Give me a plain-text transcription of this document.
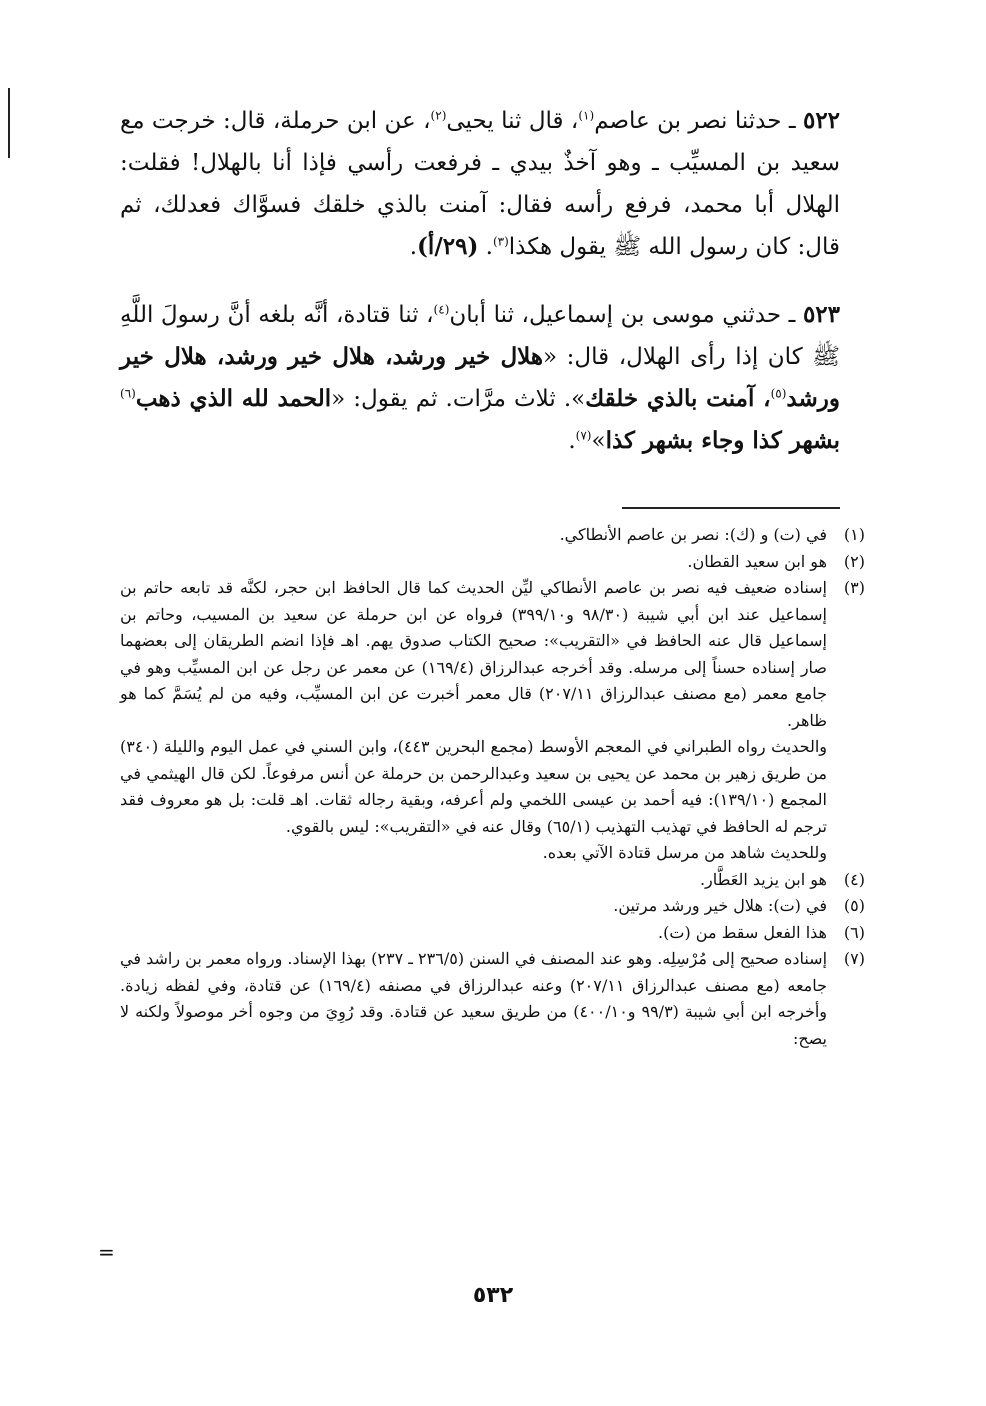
٥٢٢ ـ حدثنا نصر بن عاصم$^{(١)}$، قال ثنا يحيى$^{(٢)}$، عن ابن حرملة، قال: خرجت مع سعيد بن المسيِّب ـ وهو آخذٌ بيدي ـ فرفعت رأسي فإذا أنا بالهلال! فقلت: الهلال أبا محمد، فرفع رأسه فقال: آمنت بالذي خلقك فسوَّاك فعدلك، ثم قال: كان رسول الله ﷺ يقول هكذا$^{(٣)}$. (٢٩/أ).

٥٢٣ ـ حدثني موسى بن إسماعيل، ثنا أبان$^{(٤)}$، ثنا قتادة، أنَّه بلغه أنَّ رسولَ اللَّهِ ﷺ كان إذا رأى الهلال، قال: «هلال خير ورشد، هلال خير ورشد، هلال خير ورشد$^{(٥)}$، آمنت بالذي خلقك». ثلاث مرَّات. ثم يقول: «الحمد لله الذي ذهب$^{(٦)}$ بشهر كذا وجاء بشهر كذا»$^{(٧)}$.

(١)
في (ت) و (ك): نصر بن عاصم الأنطاكي.
(٢)
هو ابن سعيد القطان.
(٣)
إسناده ضعيف فيه نصر بن عاصم الأنطاكي ليِّن الحديث كما قال الحافظ ابن حجر، لكنَّه قد تابعه حاتم بن إسماعيل عند ابن أبي شيبة (٩٨/٣٠ و٣٩٩/١٠) فرواه عن ابن حرملة عن سعيد بن المسيب، وحاتم بن إسماعيل قال عنه الحافظ في «التقريب»: صحيح الكتاب صدوق يهم. اهـ فإذا انضم الطريقان إلى بعضهما صار إسناده حسناً إلى مرسله. وقد أخرجه عبدالرزاق (١٦٩/٤) عن معمر عن رجل عن ابن المسيِّب وهو في جامع معمر (مع مصنف عبدالرزاق ٢٠٧/١١) قال معمر أخبرت عن ابن المسيِّب، وفيه من لم يُسَمَّ كما هو ظاهر.
والحديث رواه الطبراني في المعجم الأوسط (مجمع البحرين ٤٤٣)، وابن السني في عمل اليوم والليلة (٣٤٠) من طريق زهير بن محمد عن يحيى بن سعيد وعبدالرحمن بن حرملة عن أنس مرفوعاً. لكن قال الهيثمي في المجمع (١٣٩/١٠): فيه أحمد بن عيسى اللخمي ولم أعرفه، وبقية رجاله ثقات. اهـ قلت: بل هو معروف فقد ترجم له الحافظ في تهذيب التهذيب (٦٥/١) وقال عنه في «التقريب»: ليس بالقوي.
وللحديث شاهد من مرسل قتادة الآتي بعده.
(٤)
هو ابن يزيد العَطَّار.
(٥)
في (ت): هلال خير ورشد مرتين.
(٦)
هذا الفعل سقط من (ت).
(٧)
إسناده صحيح إلى مُرْسِلِه. وهو عند المصنف في السنن (٢٣٦/٥ ـ ٢٣٧) بهذا الإسناد. ورواه معمر بن راشد في جامعه (مع مصنف عبدالرزاق ٢٠٧/١١) وعنه عبدالرزاق في مصنفه (١٦٩/٤) عن قتادة، وفي لفظه زيادة. وأخرجه ابن أبي شيبة (٩٩/٣ و٤٠٠/١٠) من طريق سعيد عن قتادة. وقد رُوِيَ من وجوه أخر موصولاً ولكنه لا يصح:
=
٥٣٢
